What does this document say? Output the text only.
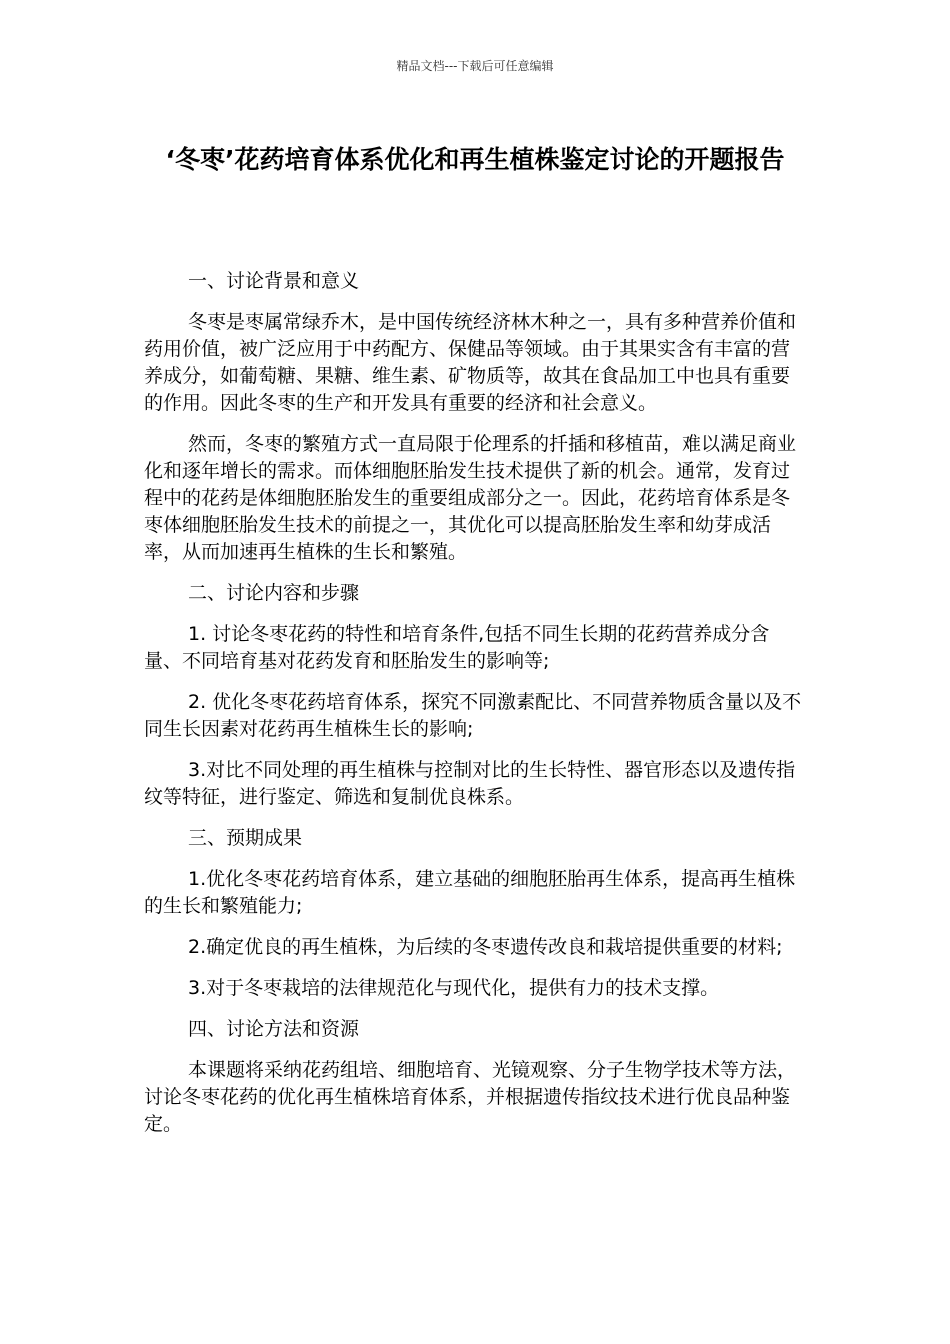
精品文档---下载后可任意编辑
‘冬枣’花药培育体系优化和再生植株鉴定讨论的开题报告

一、讨论背景和意义

冬枣是枣属常绿乔木，是中国传统经济林木种之一，具有多种营养价值和药用价值，被广泛应用于中药配方、保健品等领域。由于其果实含有丰富的营养成分，如葡萄糖、果糖、维生素、矿物质等，故其在食品加工中也具有重要的作用。因此冬枣的生产和开发具有重要的经济和社会意义。

然而，冬枣的繁殖方式一直局限于伦理系的扦插和移植苗，难以满足商业化和逐年增长的需求。而体细胞胚胎发生技术提供了新的机会。通常，发育过程中的花药是体细胞胚胎发生的重要组成部分之一。因此，花药培育体系是冬枣体细胞胚胎发生技术的前提之一，其优化可以提高胚胎发生率和幼芽成活率，从而加速再生植株的生长和繁殖。

二、讨论内容和步骤

1. 讨论冬枣花药的特性和培育条件,包括不同生长期的花药营养成分含量、不同培育基对花药发育和胚胎发生的影响等;

2. 优化冬枣花药培育体系，探究不同激素配比、不同营养物质含量以及不同生长因素对花药再生植株生长的影响;

3.对比不同处理的再生植株与控制对比的生长特性、器官形态以及遗传指纹等特征，进行鉴定、筛选和复制优良株系。

三、预期成果

1.优化冬枣花药培育体系，建立基础的细胞胚胎再生体系，提高再生植株的生长和繁殖能力;

2.确定优良的再生植株，为后续的冬枣遗传改良和栽培提供重要的材料;

3.对于冬枣栽培的法律规范化与现代化，提供有力的技术支撑。

四、讨论方法和资源

本课题将采纳花药组培、细胞培育、光镜观察、分子生物学技术等方法，讨论冬枣花药的优化再生植株培育体系，并根据遗传指纹技术进行优良品种鉴定。
